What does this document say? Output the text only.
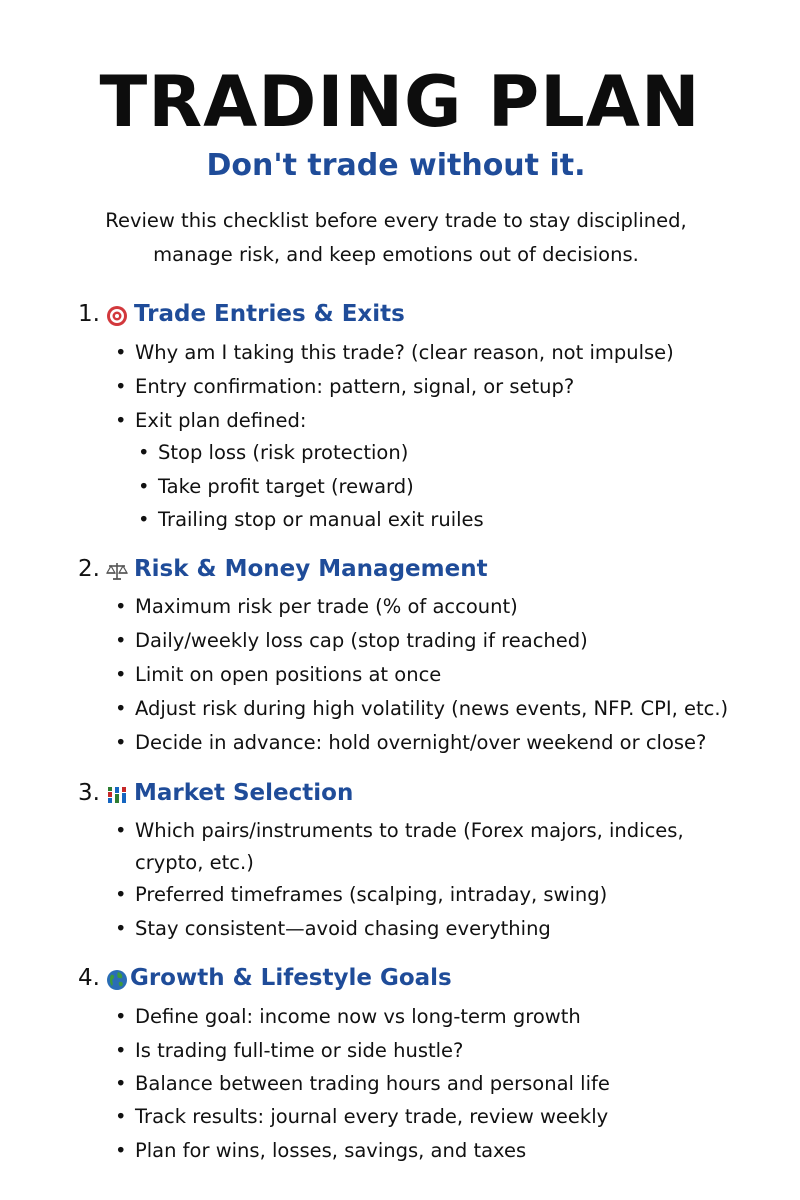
TRADING PLAN
Don't trade without it.
Review this checklist before every trade to stay disciplined,
manage risk, and keep emotions out of decisions.
1. Trade Entries & Exits
• Why am I taking this trade? (clear reason, not impulse)
• Entry confirmation: pattern, signal, or setup?
• Exit plan defined:
• Stop loss (risk protection)
• Take profit target (reward)
• Trailing stop or manual exit ruiles
2. Risk & Money Management
• Maximum risk per trade (% of account)
• Daily/weekly loss cap (stop trading if reached)
• Limit on open positions at once
• Adjust risk during high volatility (news events, NFP. CPI, etc.)
• Decide in advance: hold overnight/over weekend or close?
3. Market Selection
• Which pairs/instruments to trade (Forex majors, indices,
crypto, etc.)
• Preferred timeframes (scalping, intraday, swing)
• Stay consistent—avoid chasing everything
4. Growth & Lifestyle Goals
• Define goal: income now vs long-term growth
• Is trading full-time or side hustle?
• Balance between trading hours and personal life
• Track results: journal every trade, review weekly
• Plan for wins, losses, savings, and taxes
